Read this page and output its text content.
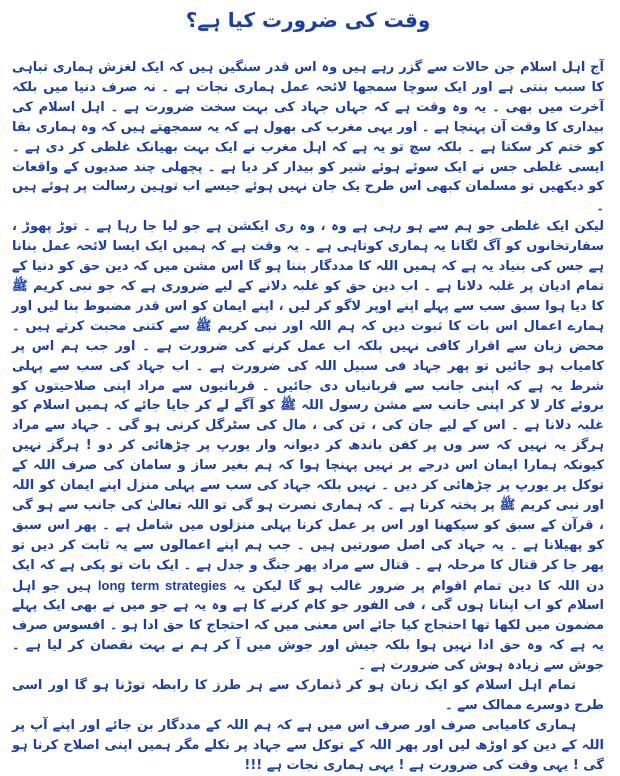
وقت کی ضرورت کیا ہے؟

آج اہل اسلام جن حالات سے گزر رہے ہیں وہ اس قدر سنگین ہیں کہ ایک لغزش ہماری تباہی کا سبب بنتی ہے اور ایک سوچا سمجھا لائحہ عمل ہماری نجات ہے ۔ نہ صرف دنیا میں بلکہ آخرت میں بھی ۔ یہ وہ وقت ہے کہ جہاں جہاد کی بہت سخت ضرورت ہے ۔ اہل اسلام کی بیداری کا وقت آن پہنچا ہے ۔ اور یہی مغرب کی بھول ہے کہ یہ سمجھتے ہیں کہ وہ ہماری بقا کو ختم کر سکتا ہے ۔ بلکہ سچ تو یہ ہے کہ اہل مغرب نے ایک بہت بھیانک غلطی کر دی ہے ۔ ایسی غلطی جس نے ایک سوئے ہوئے شیر کو بیدار کر دیا ہے ۔ پچھلی چند صدیوں کے واقعات کو دیکھیں تو مسلمان کبھی اس طرح یک جان نہیں ہوئے جیسے اب توہین رسالت پر ہوئے ہیں ۔

لیکن ایک غلطی جو ہم سے ہو رہی ہے وہ ، وہ ری ایکشن ہے جو لیا جا رہا ہے ۔ توڑ پھوڑ ، سفارتخانوں کو آگ لگانا یہ ہماری کوتاہی ہے ۔ یہ وقت ہے کہ ہمیں ایک ایسا لائحہ عمل بنانا ہے جس کی بنیاد یہ ہے کہ ہمیں اللہ کا مددگار بننا ہو گا اس مشن میں کہ دین حق کو دنیا کے تمام ادیان پر غلبہ دلانا ہے ۔ اب دین حق کو غلبہ دلانے کے لیے ضروری ہے کہ جو نبی کریم ﷺ کا دیا ہوا سبق سب سے پہلے اپنے اوپر لاگو کر لیں ، اپنے ایمان کو اس قدر مضبوط بنا لیں اور ہمارے اعمال اس بات کا ثبوت دیں کہ ہم اللہ اور نبی کریم ﷺ سے کتنی محبت کرتے ہیں ۔ محض زبان سے اقرار کافی نہیں بلکہ اب عمل کرنے کی ضرورت ہے ۔ اور جب ہم اس پر کامیاب ہو جائیں تو پھر جہاد فی سبیل اللہ کی ضرورت ہے ۔ اب جہاد کی سب سے پہلی شرط یہ ہے کہ اپنی جانب سے قربانیاں دی جائیں ۔ قربانیوں سے مراد اپنی صلاحیتوں کو بروئے کار لا کر اپنی جانب سے مشن رسول اللہ ﷺ کو آگے لے کر جایا جائے کہ ہمیں اسلام کو غلبہ دلانا ہے ۔ اس کے لیے جان کی ، تن کی ، مال کی سٹرگل کرنی ہو گی ۔ جہاد سے مراد ہرگز یہ نہیں کہ سر وں پر کفن باندھ کر دیوانہ وار یورپ پر چڑھائی کر دو ! ہرگز نہیں کیونکہ ہمارا ایمان اس درجے پر نہیں پہنچا ہوا کہ ہم بغیر ساز و سامان کی صرف اللہ کے توکل پر یورپ پر چڑھائی کر دیں ۔ نہیں بلکہ جہاد کی سب سے پہلی منزل اپنے ایمان کو اللہ اور نبی کریم ﷺ پر پختہ کرنا ہے ۔ کہ ہماری نصرت ہو گی تو اللہ تعالیٰ کی جانب سے ہو گی ، قرآن کے سبق کو سیکھنا اور اس پر عمل کرنا پہلی منزلوں میں شامل ہے ۔ پھر اس سبق کو پھیلانا ہے ۔ یہ جہاد کی اصل صورتیں ہیں ۔ جب ہم اپنے اعمالوں سے یہ ثابت کر دیں تو پھر جا کر قتال کا مرحلہ ہے ۔ قتال سے مراد پھر جنگ و جدل ہے ۔ ایک بات تو پکی ہے کہ ایک دن اللہ کا دین تمام اقوام پر ضرور غالب ہو گا لیکن یہ long term strategies ہیں جو اہل اسلام کو اب اپنانا ہوں گی ، فی الفور جو کام کرنے کا ہے وہ یہ ہے جو میں نے بھی ایک پہلے مضمون میں لکھا تھا احتجاج کیا جائے اس معنی میں کہ احتجاج کا حق ادا ہو ۔ افسوس صرف یہ ہے کہ وہ حق ادا نہیں ہوا بلکہ جیش اور جوش میں آ کر ہم نے بہت نقصان کر لیا ہے ۔ جوش سے زیادہ ہوش کی ضرورت ہے ۔

تمام اہل اسلام کو ایک زبان ہو کر ڈنمارک سے ہر طرز کا رابطہ توڑنا ہو گا اور اسی طرح دوسرے ممالک سے ۔

ہماری کامیابی صرف اور صرف اس میں ہے کہ ہم اللہ کے مددگار بن جائے اور اپنے آپ پر اللہ کے دین کو اوڑھ لیں اور پھر اللہ کے توکل سے جہاد پر نکلے مگر ہمیں اپنی اصلاح کرنا ہو گی ! یہی وقت کی ضرورت ہے ! یہی ہماری نجات ہے !!!
